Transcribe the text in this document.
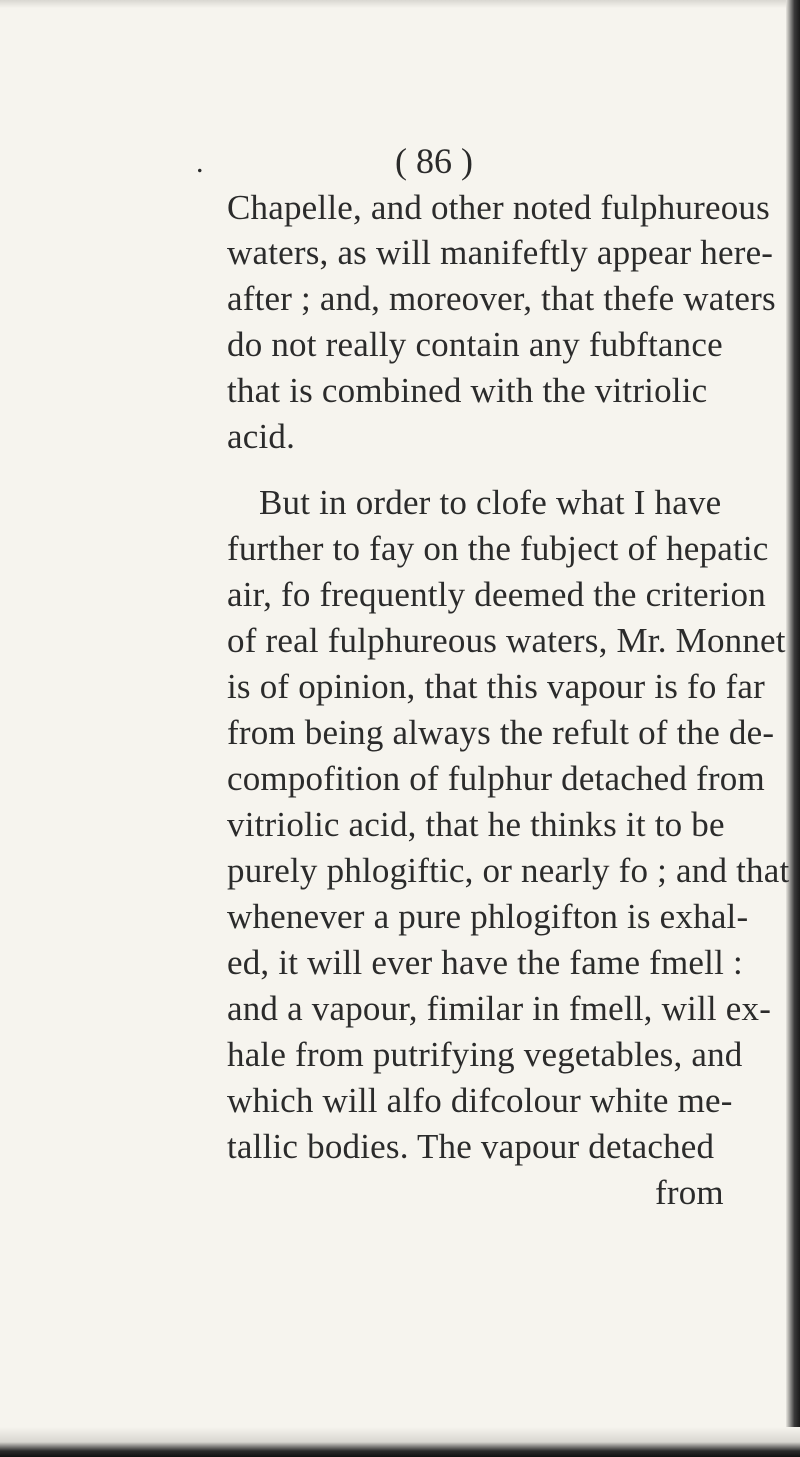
.	( 86 )
Chapelle, and other noted fulphureous
waters, as will manifeftly appear here-
after ; and, moreover, that thefe waters
do not really contain any fubftance
that is combined with the vitriolic
acid.
But in order to clofe what I have
further to fay on the fubject of hepatic
air, fo frequently deemed the criterion
of real fulphureous waters, Mr. Monnet
is of opinion, that this vapour is fo far
from being always the refult of the de-
compofition of fulphur detached from
vitriolic acid, that he thinks it to be
purely phlogiftic, or nearly fo ; and that
whenever a pure phlogifton is exhal-
ed, it will ever have the fame fmell :
and a vapour, fimilar in fmell, will ex-
hale from putrifying vegetables, and
which will alfo difcolour white me-
tallic bodies. The vapour detached
from
